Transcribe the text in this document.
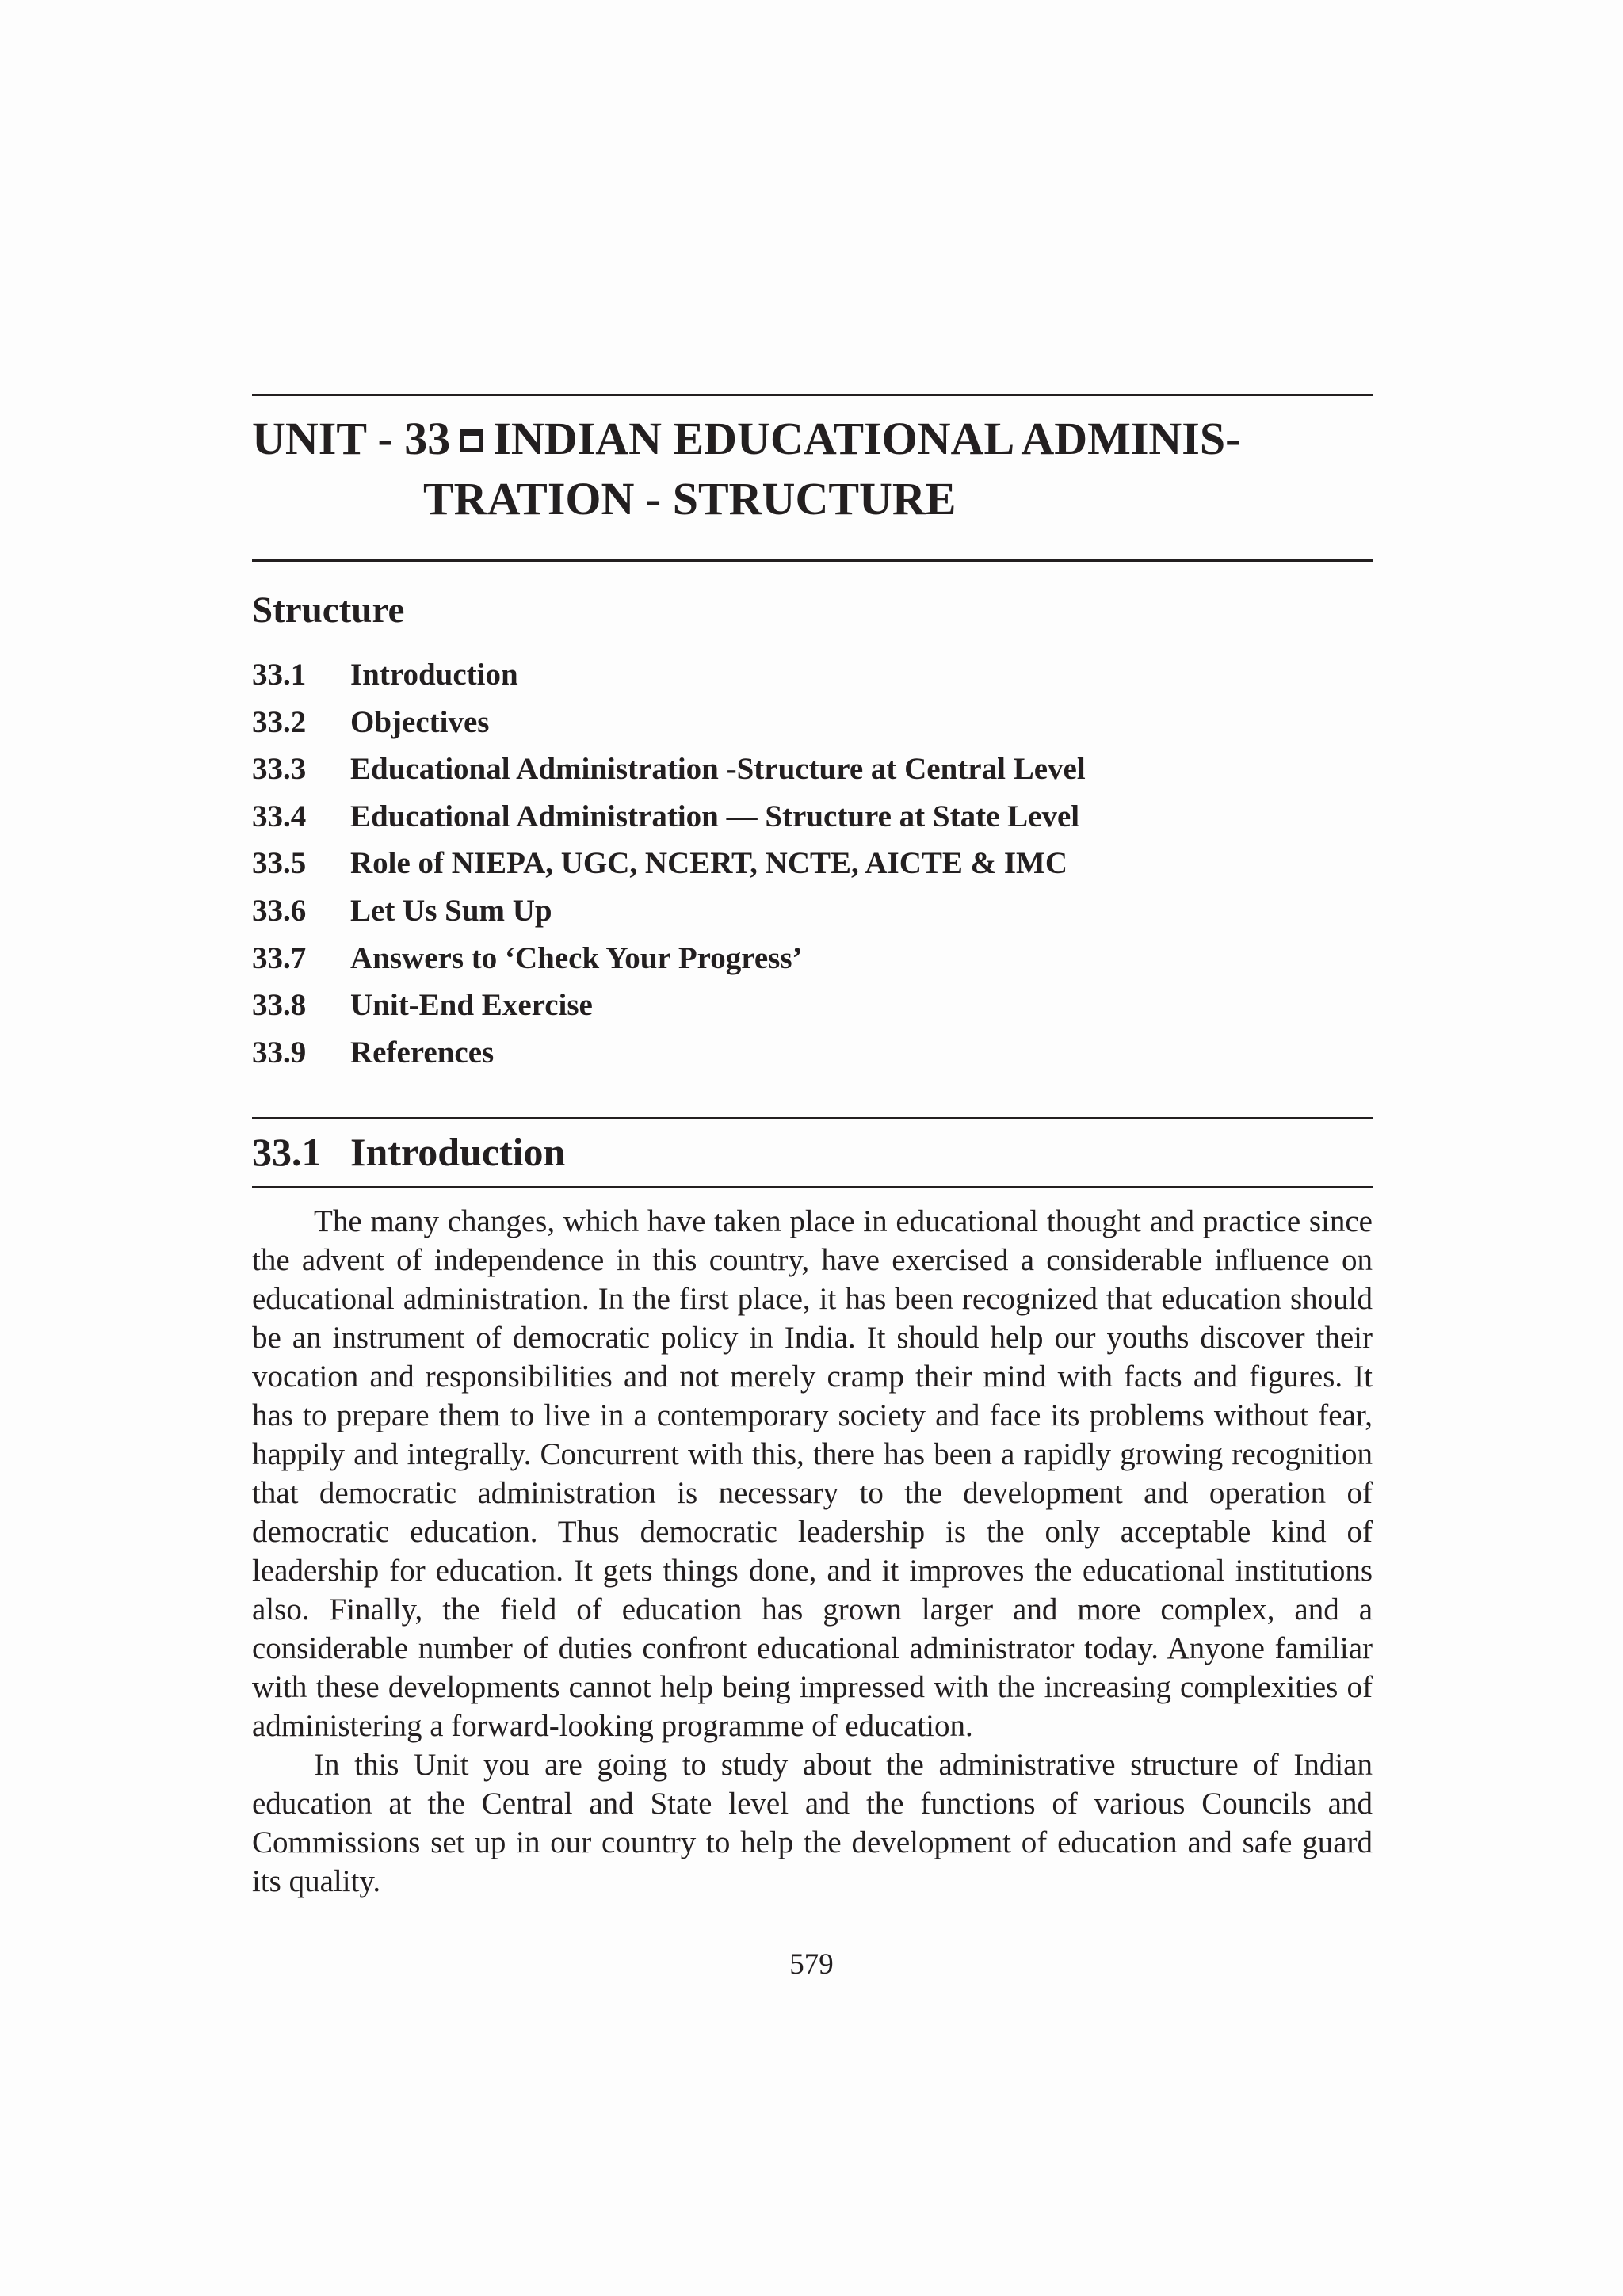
UNIT - 33 INDIAN EDUCATIONAL ADMINIS-
TRATION - STRUCTURE
Structure
33.1 Introduction
33.2 Objectives
33.3 Educational Administration -Structure at Central Level
33.4 Educational Administration — Structure at State Level
33.5 Role of NIEPA, UGC, NCERT, NCTE, AICTE & IMC
33.6 Let Us Sum Up
33.7 Answers to ‘Check Your Progress’
33.8 Unit-End Exercise
33.9 References
33.1 Introduction

The many changes, which have taken place in educational thought and practice since the advent of independence in this country, have exercised a considerable influence on educational administration. In the first place, it has been recognized that education should be an instrument of democratic policy in India. It should help our youths discover their vocation and responsibilities and not merely cramp their mind with facts and figures. It has to prepare them to live in a contemporary society and face its problems without fear, happily and integrally. Concurrent with this, there has been a rapidly growing recognition that democratic administration is necessary to the development and operation of democratic education. Thus democratic leadership is the only acceptable kind of leadership for education. It gets things done, and it improves the educational institutions also. Finally, the field of education has grown larger and more complex, and a considerable number of duties confront educational administrator today. Anyone familiar with these developments cannot help being impressed with the increasing complexities of administering a forward-looking programme of education.

In this Unit you are going to study about the administrative structure of Indian education at the Central and State level and the functions of various Councils and Commissions set up in our country to help the development of education and safe guard its quality.

579
